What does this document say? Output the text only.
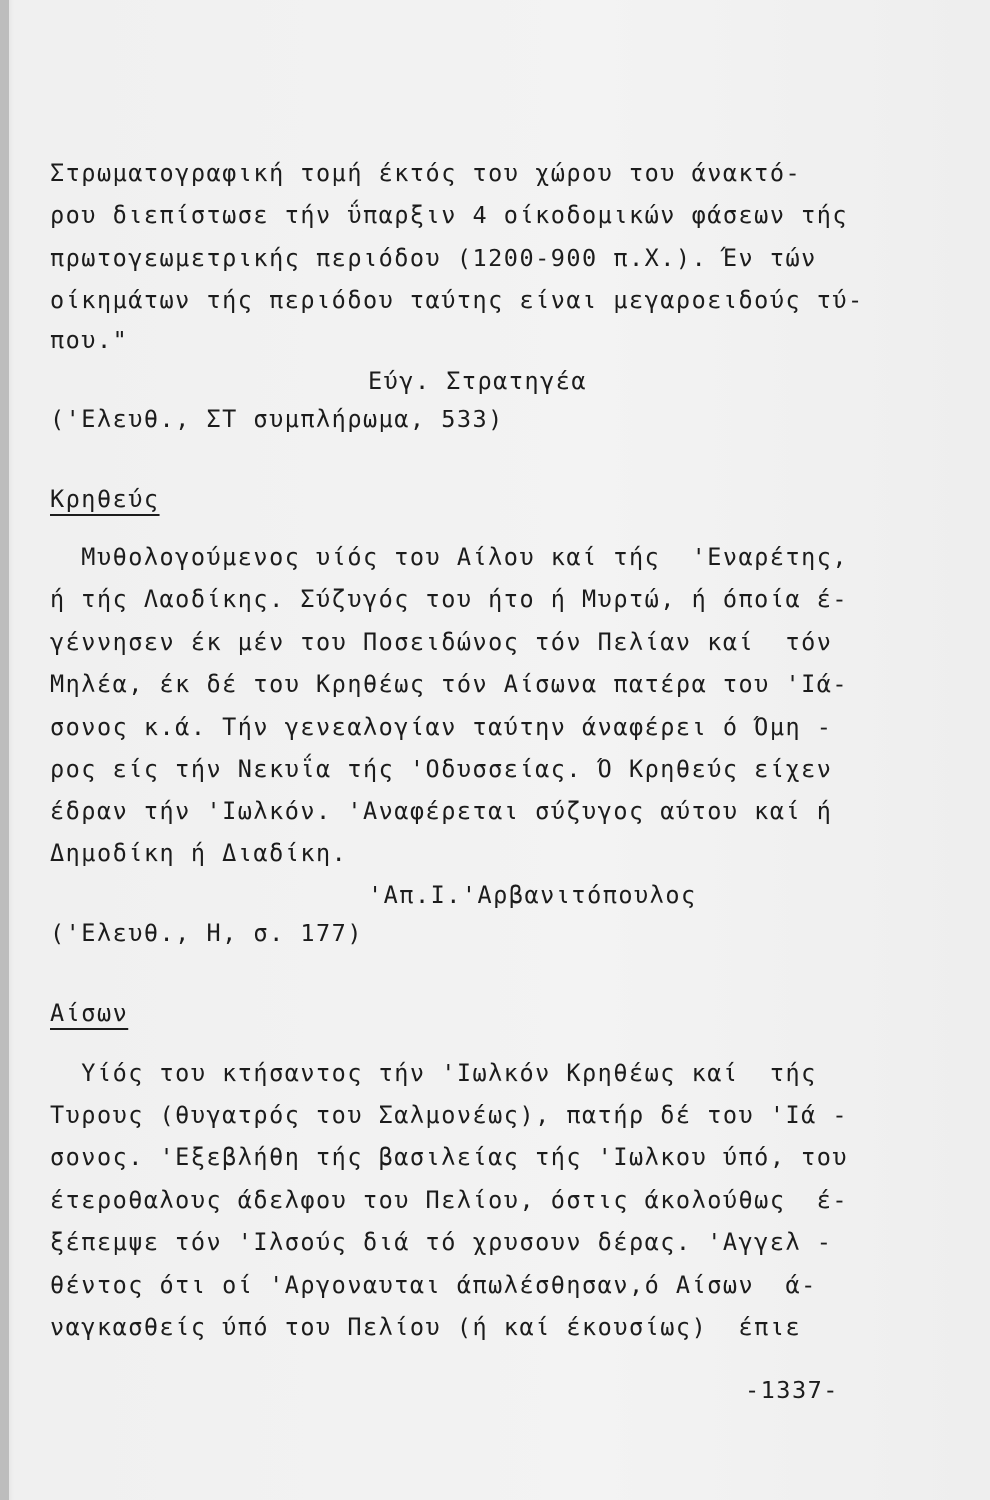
Στρωματογραφική τομή έκτός του χώρου του άνακτό-
ρου διεπίστωσε τήν ΰπαρξιν 4 οίκοδομικών φάσεων τής
πρωτογεωμετρικής περιόδου (1200-900 π.Χ.). Έν τών
οίκημάτων τής περιόδου ταύτης είναι μεγαροειδούς τύ-
που."
Εύγ. Στρατηγέα
('Ελευθ., ΣΤ συμπλήρωμα, 533)
Κρηθεύς
Μυθολογούμενος υίός του Αίλου καί τής  'Εναρέτης,
ή τής Λαοδίκης. Σύζυγός του ήτο ή Μυρτώ, ή όποία έ-
γέννησεν έκ μέν του Ποσειδώνος τόν Πελίαν καί  τόν
Μηλέα, έκ δέ του Κρηθέως τόν Αίσωνα πατέρα του 'Ιά-
σονος κ.ά. Τήν γενεαλογίαν ταύτην άναφέρει ό Όμη -
ρος είς τήν Νεκυΐα τής 'Οδυσσείας. Ό Κρηθεύς είχεν
έδραν τήν 'Ιωλκόν. 'Αναφέρεται σύζυγος αύτου καί ή
Δημοδίκη ή Διαδίκη.
'Απ.Ι.'Αρβανιτόπουλος
('Ελευθ., Η, σ. 177)
Αίσων
Υίός του κτήσαντος τήν 'Ιωλκόν Κρηθέως καί  τής
Τυρους (θυγατρός του Σαλμονέως), πατήρ δέ του 'Ιά -
σονος. 'Εξεβλήθη τής βασιλείας τής 'Ιωλκου ύπό, του
έτεροθαλους άδελφου του Πελίου, όστις άκολούθως  έ-
ξέπεμψε τόν 'Ιλσούς διά τό χρυσουν δέρας. 'Αγγελ -
θέντος ότι οί 'Αργοναυται άπωλέσθησαν,ό Αίσων  ά-
ναγκασθείς ύπό του Πελίου (ή καί έκουσίως)  έπιε
-1337-
